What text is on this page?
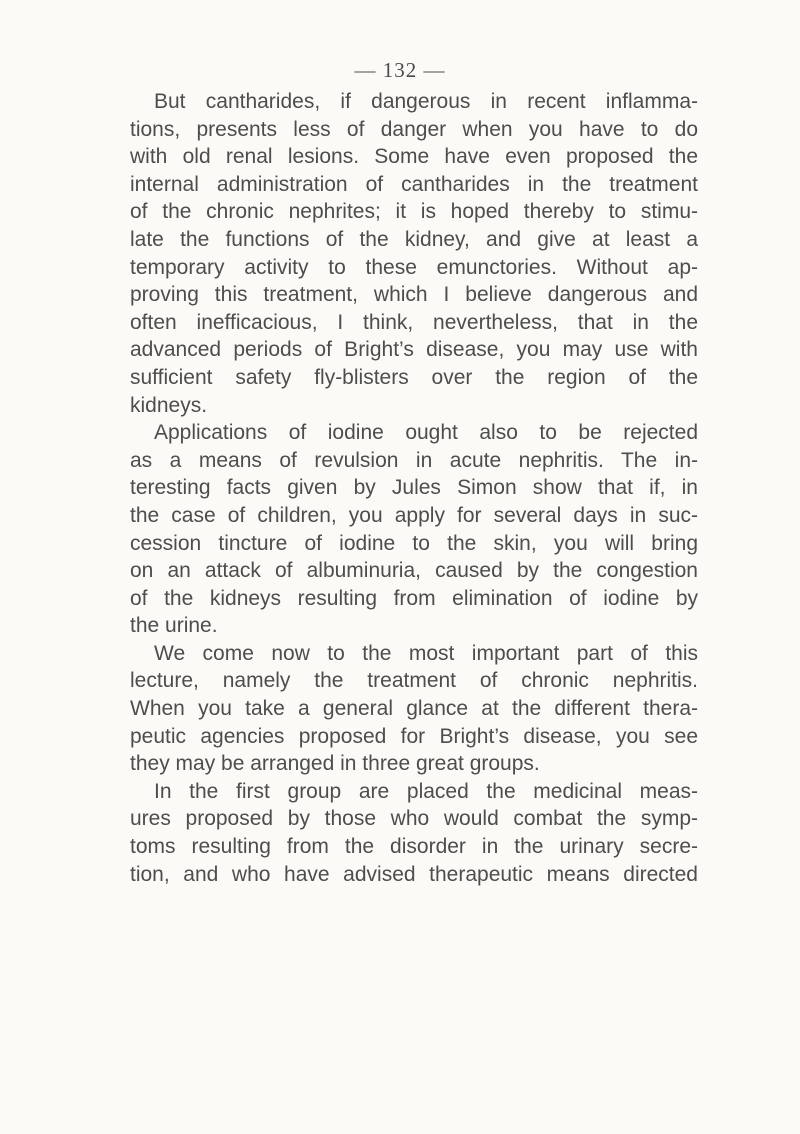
— 132 —
But cantharides, if dangerous in recent inflamma-
tions, presents less of danger when you have to do
with old renal lesions. Some have even proposed the
internal administration of cantharides in the treatment
of the chronic nephrites; it is hoped thereby to stimu-
late the functions of the kidney, and give at least a
temporary activity to these emunctories. Without ap-
proving this treatment, which I believe dangerous and
often inefficacious, I think, nevertheless, that in the
advanced periods of Bright’s disease, you may use with
sufficient safety fly-blisters over the region of the
kidneys.
Applications of iodine ought also to be rejected
as a means of revulsion in acute nephritis. The in-
teresting facts given by Jules Simon show that if, in
the case of children, you apply for several days in suc-
cession tincture of iodine to the skin, you will bring
on an attack of albuminuria, caused by the congestion
of the kidneys resulting from elimination of iodine by
the urine.
We come now to the most important part of this
lecture, namely the treatment of chronic nephritis.
When you take a general glance at the different thera-
peutic agencies proposed for Bright’s disease, you see
they may be arranged in three great groups.
In the first group are placed the medicinal meas-
ures proposed by those who would combat the symp-
toms resulting from the disorder in the urinary secre-
tion, and who have advised therapeutic means directed
